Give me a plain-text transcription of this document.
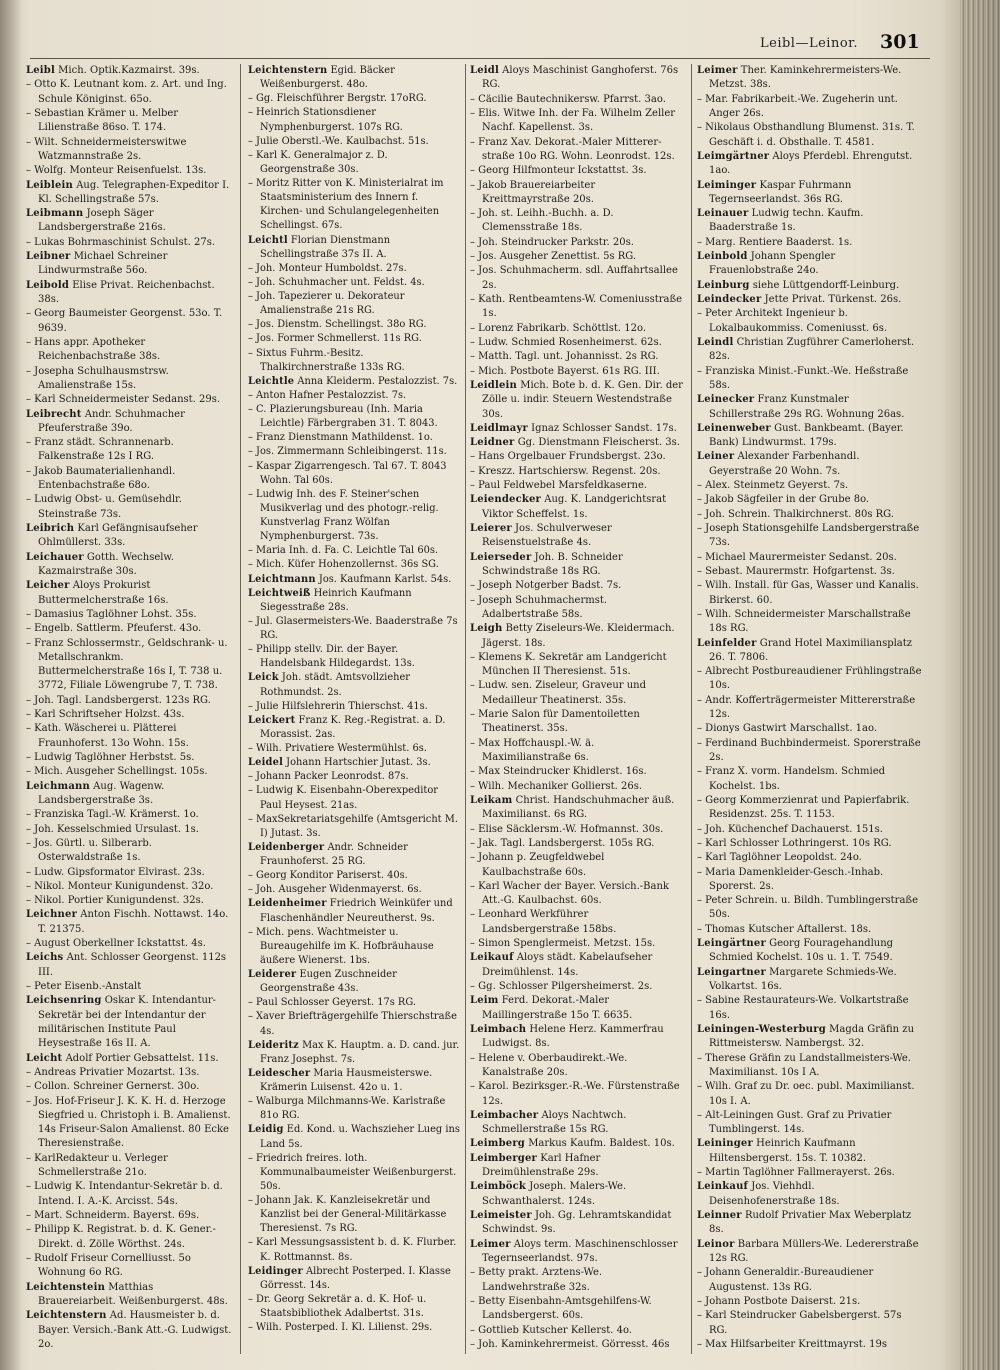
Leibl—Leinor. 301

Leibl Mich. Optik.Kazmairst. 39s.

– Otto K. Leutnant kom. z. Art. und Ing. Schule Königinst. 65o.

– Sebastian Krämer u. Melber Lilienstraße 86so. T. 174.

– Wilt. Schneidermeisterswitwe Watzmannstraße 2s.

– Wolfg. Monteur Reisenfuelst. 13s.

Leiblein Aug. Telegraphen-Expeditor I. Kl. Schellingstraße 57s.

Leibmann Joseph Säger Landsbergerstraße 216s.

– Lukas Bohrmaschinist Schulst. 27s.

Leibner Michael Schreiner Lindwurmstraße 56o.

Leibold Elise Privat. Reichenbachst. 38s.

– Georg Baumeister Georgenst. 53o. T. 9639.

– Hans appr. Apotheker Reichenbachstraße 38s.

– Josepha Schulhausmstrsw. Amalienstraße 15s.

– Karl Schneidermeister Sedanst. 29s.

Leibrecht Andr. Schuhmacher Pfeuferstraße 39o.

– Franz städt. Schrannenarb. Falkenstraße 12s I RG.

– Jakob Baumaterialienhandl. Entenbachstraße 68o.

– Ludwig Obst- u. Gemüsehdlr. Steinstraße 73s.

Leibrich Karl Gefängnisaufseher Ohlmüllerst. 33s.

Leichauer Gotth. Wechselw. Kazmairstraße 30s.

Leicher Aloys Prokurist Buttermelcherstraße 16s.

– Damasius Taglöhner Lohst. 35s.

– Engelb. Sattlerm. Pfeuferst. 43o.

– Franz Schlossermstr., Geldschrank- u. Metallschrankm. Buttermelcherstraße 16s I, T. 738 u. 3772, Filiale Löwengrube 7, T. 738.

– Joh. Tagl. Landsbergerst. 123s RG.

– Karl Schriftseher Holzst. 43s.

– Kath. Wäscherei u. Plätterei Fraunhoferst. 13o Wohn. 15s.

– Ludwig Taglöhner Herbstst. 5s.

– Mich. Ausgeher Schellingst. 105s.

Leichmann Aug. Wagenw. Landsbergerstraße 3s.

– Franziska Tagl.-W. Krämerst. 1o.

– Joh. Kesselschmied Ursulast. 1s.

– Jos. Gürtl. u. Silberarb. Osterwaldstraße 1s.

– Ludw. Gipsformator Elvirast. 23s.

– Nikol. Monteur Kunigundenst. 32o.

– Nikol. Portier Kunigundenst. 32s.

Leichner Anton Fischh. Nottawst. 14o. T. 21375.

– August Oberkellner Ickstattst. 4s.

Leichs Ant. Schlosser Georgenst. 112s III.

– Peter Eisenb.-Anstalt

Leichsenring Oskar K. Intendantur-Sekretär bei der Intendantur der militärischen Institute Paul Heysestraße 16s II. A.

Leicht Adolf Portier Gebsattelst. 11s.

– Andreas Privatier Mozartst. 13s.

– Collon. Schreiner Gernerst. 30o.

– Jos. Hof-Friseur J. K. K. H. d. Herzoge Siegfried u. Christoph i. B. Amalienst. 14s Friseur-Salon Amalienst. 80 Ecke Theresienstraße.

– KarlRedakteur u. Verleger Schmellerstraße 21o.

– Ludwig K. Intendantur-Sekretär b. d. Intend. I. A.-K. Arcisst. 54s.

– Mart. Schneiderm. Bayerst. 69s.

– Philipp K. Registrat. b. d. K. Gener.-Direkt. d. Zölle Wörthst. 24s.

– Rudolf Friseur Cornelliusst. 5o Wohnung 6o RG.

Leichtenstein Matthias Brauereiarbeit. Weißenburgerst. 48s.

Leichtenstern Ad. Hausmeister b. d. Bayer. Versich.-Bank Att.-G. Ludwigst. 2o.

Leichtenstern Egid. Bäcker Weißenburgerst. 48o.

– Gg. Fleischführer Bergstr. 17oRG.

– Heinrich Stationsdiener Nymphenburgerst. 107s RG.

– Julie Oberstl.-We. Kaulbachst. 51s.

– Karl K. Generalmajor z. D. Georgenstraße 30s.

– Moritz Ritter von K. Ministerialrat im Staatsministerium des Innern f. Kirchen- und Schulangelegenheiten Schellingst. 67s.

Leichtl Florian Dienstmann Schellingstraße 37s II. A.

– Joh. Monteur Humboldst. 27s.

– Joh. Schuhmacher unt. Feldst. 4s.

– Joh. Tapezierer u. Dekorateur Amalienstraße 21s RG.

– Jos. Dienstm. Schellingst. 38o RG.

– Jos. Former Schmellerst. 11s RG.

– Sixtus Fuhrm.-Besitz. Thalkirchnerstraße 133s RG.

Leichtle Anna Kleiderm. Pestalozzist. 7s.

– Anton Hafner Pestalozzist. 7s.

– C. Plazierungsbureau (Inh. Maria Leichtle) Färbergraben 31. T. 8043.

– Franz Dienstmann Mathildenst. 1o.

– Jos. Zimmermann Schleibingerst. 11s.

– Kaspar Zigarrengesch. Tal 67. T. 8043 Wohn. Tal 60s.

– Ludwig Inh. des F. Steiner'schen Musikverlag und des photogr.-relig. Kunstverlag Franz Wölfan Nymphenburgerst. 73s.

– Maria Inh. d. Fa. C. Leichtle Tal 60s.

– Mich. Küfer Hohenzollernst. 36s SG.

Leichtmann Jos. Kaufmann Karlst. 54s.

Leichtweiß Heinrich Kaufmann Siegesstraße 28s.

– Jul. Glasermeisters-We. Baaderstraße 7s RG.

– Philipp stellv. Dir. der Bayer. Handelsbank Hildegardst. 13s.

Leick Joh. städt. Amtsvollzieher Rothmundst. 2s.

– Julie Hilfslehrerin Thierschst. 41s.

Leickert Franz K. Reg.-Registrat. a. D. Morassist. 2as.

– Wilh. Privatiere Westermühlst. 6s.

Leidel Johann Hartschier Jutast. 3s.

– Johann Packer Leonrodst. 87s.

– Ludwig K. Eisenbahn-Oberexpeditor Paul Heysest. 21as.

– MaxSekretariatsgehilfe (Amtsgericht M. I) Jutast. 3s.

Leidenberger Andr. Schneider Fraunhoferst. 25 RG.

– Georg Konditor Pariserst. 40s.

– Joh. Ausgeher Widenmayerst. 6s.

Leidenheimer Friedrich Weinküfer und Flaschenhändler Neureutherst. 9s.

– Mich. pens. Wachtmeister u. Bureaugehilfe im K. Hofbräuhause äußere Wienerst. 1bs.

Leiderer Eugen Zuschneider Georgenstraße 43s.

– Paul Schlosser Geyerst. 17s RG.

– Xaver Briefträgergehilfe Thierschstraße 4s.

Leideritz Max K. Hauptm. a. D. cand. jur. Franz Josephst. 7s.

Leidescher Maria Hausmeisterswe. Krämerin Luisenst. 42o u. 1.

– Walburga Milchmanns-We. Karlstraße 81o RG.

Leidig Ed. Kond. u. Wachszieher Lueg ins Land 5s.

– Friedrich freires. loth. Kommunalbaumeister Weißenburgerst. 50s.

– Johann Jak. K. Kanzleisekretär und Kanzlist bei der General-Militärkasse Theresienst. 7s RG.

– Karl Messungsassistent b. d. K. Flurber. K. Rottmannst. 8s.

Leidinger Albrecht Posterped. I. Klasse Görresst. 14s.

– Dr. Georg Sekretär a. d. K. Hof- u. Staatsbibliothek Adalbertst. 31s.

– Wilh. Posterped. I. Kl. Lilienst. 29s.

Leidl Aloys Maschinist Ganghoferst. 76s RG.

– Cäcilie Bautechnikersw. Pfarrst. 3ao.

– Elis. Witwe Inh. der Fa. Wilhelm Zeller Nachf. Kapellenst. 3s.

– Franz Xav. Dekorat.-Maler Mitterer-straße 10o RG. Wohn. Leonrodst. 12s.

– Georg Hilfmonteur Ickstattst. 3s.

– Jakob Brauereiarbeiter Kreittmayrstraße 20s.

– Joh. st. Leihh.-Buchh. a. D. Clemensstraße 18s.

– Joh. Steindrucker Parkstr. 20s.

– Jos. Ausgeher Zenettist. 5s RG.

– Jos. Schuhmacherm. sdl. Auffahrtsallee 2s.

– Kath. Rentbeamtens-W. Comeniusstraße 1s.

– Lorenz Fabrikarb. Schöttlst. 12o.

– Ludw. Schmied Rosenheimerst. 62s.

– Matth. Tagl. unt. Johannisst. 2s RG.

– Mich. Postbote Bayerst. 61s RG. III.

Leidlein Mich. Bote b. d. K. Gen. Dir. der Zölle u. indir. Steuern Westendstraße 30s.

Leidlmayr Ignaz Schlosser Sandst. 17s.

Leidner Gg. Dienstmann Fleischerst. 3s.

– Hans Orgelbauer Frundsbergst. 23o.

– Kreszz. Hartschiersw. Regenst. 20s.

– Paul Feldwebel Marsfeldkaserne.

Leiendecker Aug. K. Landgerichtsrat Viktor Scheffelst. 1s.

Leierer Jos. Schulverweser Reisenstuelstraße 4s.

Leierseder Joh. B. Schneider Schwindstraße 18s RG.

– Joseph Notgerber Badst. 7s.

– Joseph Schuhmachermst. Adalbertstraße 58s.

Leigh Betty Ziseleurs-We. Kleidermach. Jägerst. 18s.

– Klemens K. Sekretär am Landgericht München II Theresienst. 51s.

– Ludw. sen. Ziseleur, Graveur und Medailleur Theatinerst. 35s.

– Marie Salon für Damentoiletten Theatinerst. 35s.

– Max Hoffchauspl.-W. ä. Maximilianstraße 6s.

– Max Steindrucker Khidlerst. 16s.

– Wilh. Mechaniker Gollierst. 26s.

Leikam Christ. Handschuhmacher äuß. Maximilianst. 6s RG.

– Elise Säcklersm.-W. Hofmannst. 30s.

– Jak. Tagl. Landsbergerst. 105s RG.

– Johann p. Zeugfeldwebel Kaulbachstraße 60s.

– Karl Wacher der Bayer. Versich.-Bank Att.-G. Kaulbachst. 60s.

– Leonhard Werkführer Landsbergerstraße 158bs.

– Simon Spenglermeist. Metzst. 15s.

Leikauf Aloys städt. Kabelaufseher Dreimühlenst. 14s.

– Gg. Schlosser Pilgersheimerst. 2s.

Leim Ferd. Dekorat.-Maler Maillingerstraße 15o T. 6635.

Leimbach Helene Herz. Kammerfrau Ludwigst. 8s.

– Helene v. Oberbaudirekt.-We. Kanalstraße 20s.

– Karol. Bezirksger.-R.-We. Fürstenstraße 12s.

Leimbacher Aloys Nachtwch. Schmellerstraße 15s RG.

Leimberg Markus Kaufm. Baldest. 10s.

Leimberger Karl Hafner Dreimühlenstraße 29s.

Leimböck Joseph. Malers-We. Schwanthalerst. 124s.

Leimeister Joh. Gg. Lehramtskandidat Schwindst. 9s.

Leimer Aloys term. Maschinenschlosser Tegernseerlandst. 97s.

– Betty prakt. Arztens-We. Landwehrstraße 32s.

– Betty Eisenbahn-Amtsgehilfens-W. Landsbergerst. 60s.

– Gottlieb Kutscher Kellerst. 4o.

– Joh. Kaminkehrermeist. Görresst. 46s

Leimer Ther. Kaminkehrermeisters-We. Metzst. 38s.

– Mar. Fabrikarbeit.-We. Zugeherin unt. Anger 26s.

– Nikolaus Obsthandlung Blumenst. 31s. T. Geschäft i. d. Obsthalle. T. 4581.

Leimgärtner Aloys Pferdebl. Ehrengutst. 1ao.

Leiminger Kaspar Fuhrmann Tegernseerlandst. 36s RG.

Leinauer Ludwig techn. Kaufm. Baaderstraße 1s.

– Marg. Rentiere Baaderst. 1s.

Leinbold Johann Spengler Frauenlobstraße 24o.

Leinburg siehe Lüttgendorff-Leinburg.

Leindecker Jette Privat. Türkenst. 26s.

– Peter Architekt Ingenieur b. Lokalbaukommiss. Comeniusst. 6s.

Leindl Christian Zugführer Camerloherst. 82s.

– Franziska Minist.-Funkt.-We. Heßstraße 58s.

Leinecker Franz Kunstmaler Schillerstraße 29s RG. Wohnung 26as.

Leinenweber Gust. Bankbeamt. (Bayer. Bank) Lindwurmst. 179s.

Leiner Alexander Farbenhandl. Geyerstraße 20 Wohn. 7s.

– Alex. Steinmetz Geyerst. 7s.

– Jakob Sägfeiler in der Grube 8o.

– Joh. Schrein. Thalkirchnerst. 80s RG.

– Joseph Stationsgehilfe Landsbergerstraße 73s.

– Michael Maurermeister Sedanst. 20s.

– Sebast. Maurermstr. Hofgartenst. 3s.

– Wilh. Install. für Gas, Wasser und Kanalis. Birkerst. 60.

– Wilh. Schneidermeister Marschallstraße 18s RG.

Leinfelder Grand Hotel Maximiliansplatz 26. T. 7806.

– Albrecht Postbureaudiener Frühlingstraße 10s.

– Andr. Kofferträgermeister Mittererstraße 12s.

– Dionys Gastwirt Marschallst. 1ao.

– Ferdinand Buchbindermeist. Sporerstraße 2s.

– Franz X. vorm. Handelsm. Schmied Kochelst. 1bs.

– Georg Kommerzienrat und Papierfabrik. Residenzst. 25s. T. 1153.

– Joh. Küchenchef Dachauerst. 151s.

– Karl Schlosser Lothringerst. 10s RG.

– Karl Taglöhner Leopoldst. 24o.

– Maria Damenkleider-Gesch.-Inhab. Sporerst. 2s.

– Peter Schrein. u. Bildh. Tumblingerstraße 50s.

– Thomas Kutscher Aftallerst. 18s.

Leingärtner Georg Fouragehandlung Schmied Kochelst. 10s u. 1. T. 7549.

Leingartner Margarete Schmieds-We. Volkartst. 16s.

– Sabine Restaurateurs-We. Volkartstraße 16s.

Leiningen-Westerburg Magda Gräfin zu Rittmeistersw. Nambergst. 32.

– Therese Gräfin zu Landstallmeisters-We. Maximilianst. 10s I A.

– Wilh. Graf zu Dr. oec. publ. Maximilianst. 10s I. A.

– Alt-Leiningen Gust. Graf zu Privatier Tumblingerst. 14s.

Leininger Heinrich Kaufmann Hiltensbergerst. 15s. T. 10382.

– Martin Taglöhner Fallmerayerst. 26s.

Leinkauf Jos. Viehhdl. Deisenhofenerstraße 18s.

Leinner Rudolf Privatier Max Weberplatz 8s.

Leinor Barbara Müllers-We. Ledererstraße 12s RG.

– Johann Generaldir.-Bureaudiener Augustenst. 13s RG.

– Johann Postbote Daiserst. 21s.

– Karl Steindrucker Gabelsbergerst. 57s RG.

– Max Hilfsarbeiter Kreittmayrst. 19s
